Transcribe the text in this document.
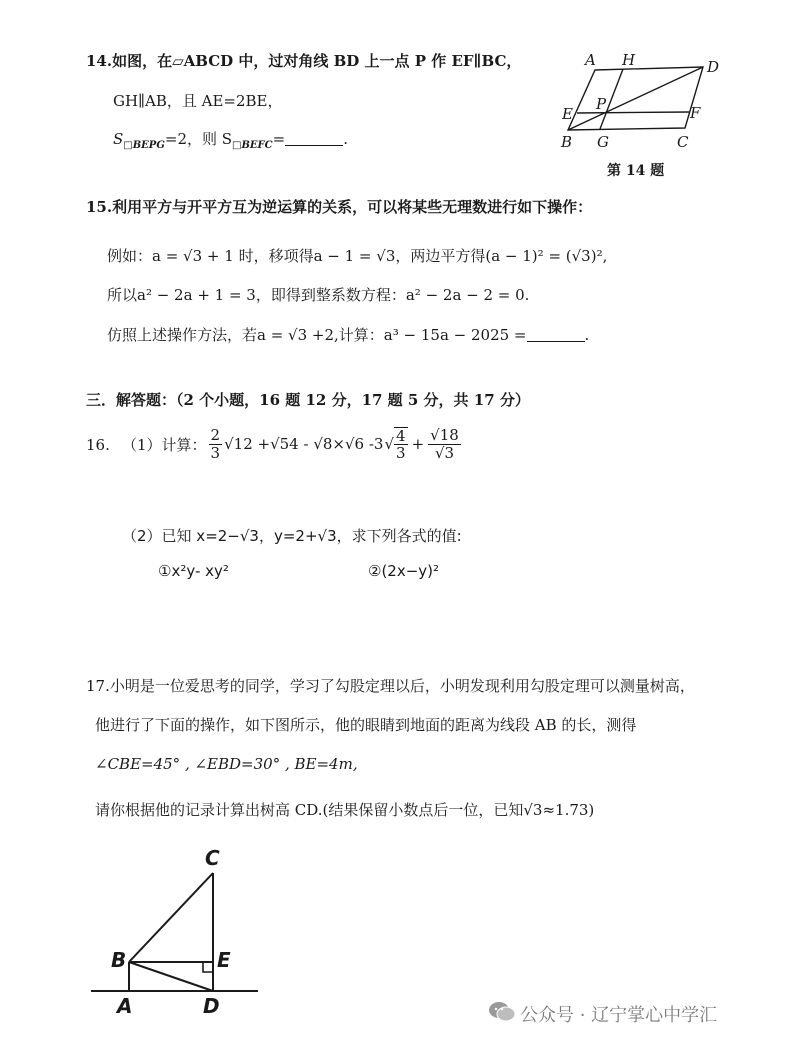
14.如图，在▱ABCD 中，过对角线 BD 上一点 P 作 EF∥BC，
GH∥AB，且 AE=2BE，
$S_{□BEPG}=2$，则 $S_{□BEFC}=$	.
A H	D
E
P	F
B G	C
第 14 题
15.利用平方与开平方互为逆运算的关系，可以将某些无理数进行如下操作：
例如：a = √3 + 1 时，移项得a − 1 = √3，两边平方得(a − 1)² = (√3)²,
所以a² − 2a + 1 = 3，即得到整系数方程：a² − 2a − 2 = 0.
仿照上述操作方法，若a = √3 +2,计算：a³ − 15a − 2025 =	.
三．解答题：（2 个小题，16 题 12 分，17 题 5 分，共 17 分）
16. （1）计算： $\frac{2}{3} √12 +√54 - √8\times√6$ -3 √ $\frac{4}{3} + \frac{√18}{√3}$
（2）已知 x=2−√3，y=2+√3，求下列各式的值:
①x²y- xy²	②(2x−y)²
17.小明是一位爱思考的同学，学习了勾股定理以后，小明发现利用勾股定理可以测量树高，
他进行了下面的操作，如下图所示，他的眼睛到地面的距离为线段 AB 的长，测得
∠CBE=45° , ∠EBD=30° , BE=4m,
请你根据他的记录计算出树高 CD.(结果保留小数点后一位，已知√3≈1.73)
C
B	E
A	D	公众号 · 辽宁掌心中学汇
